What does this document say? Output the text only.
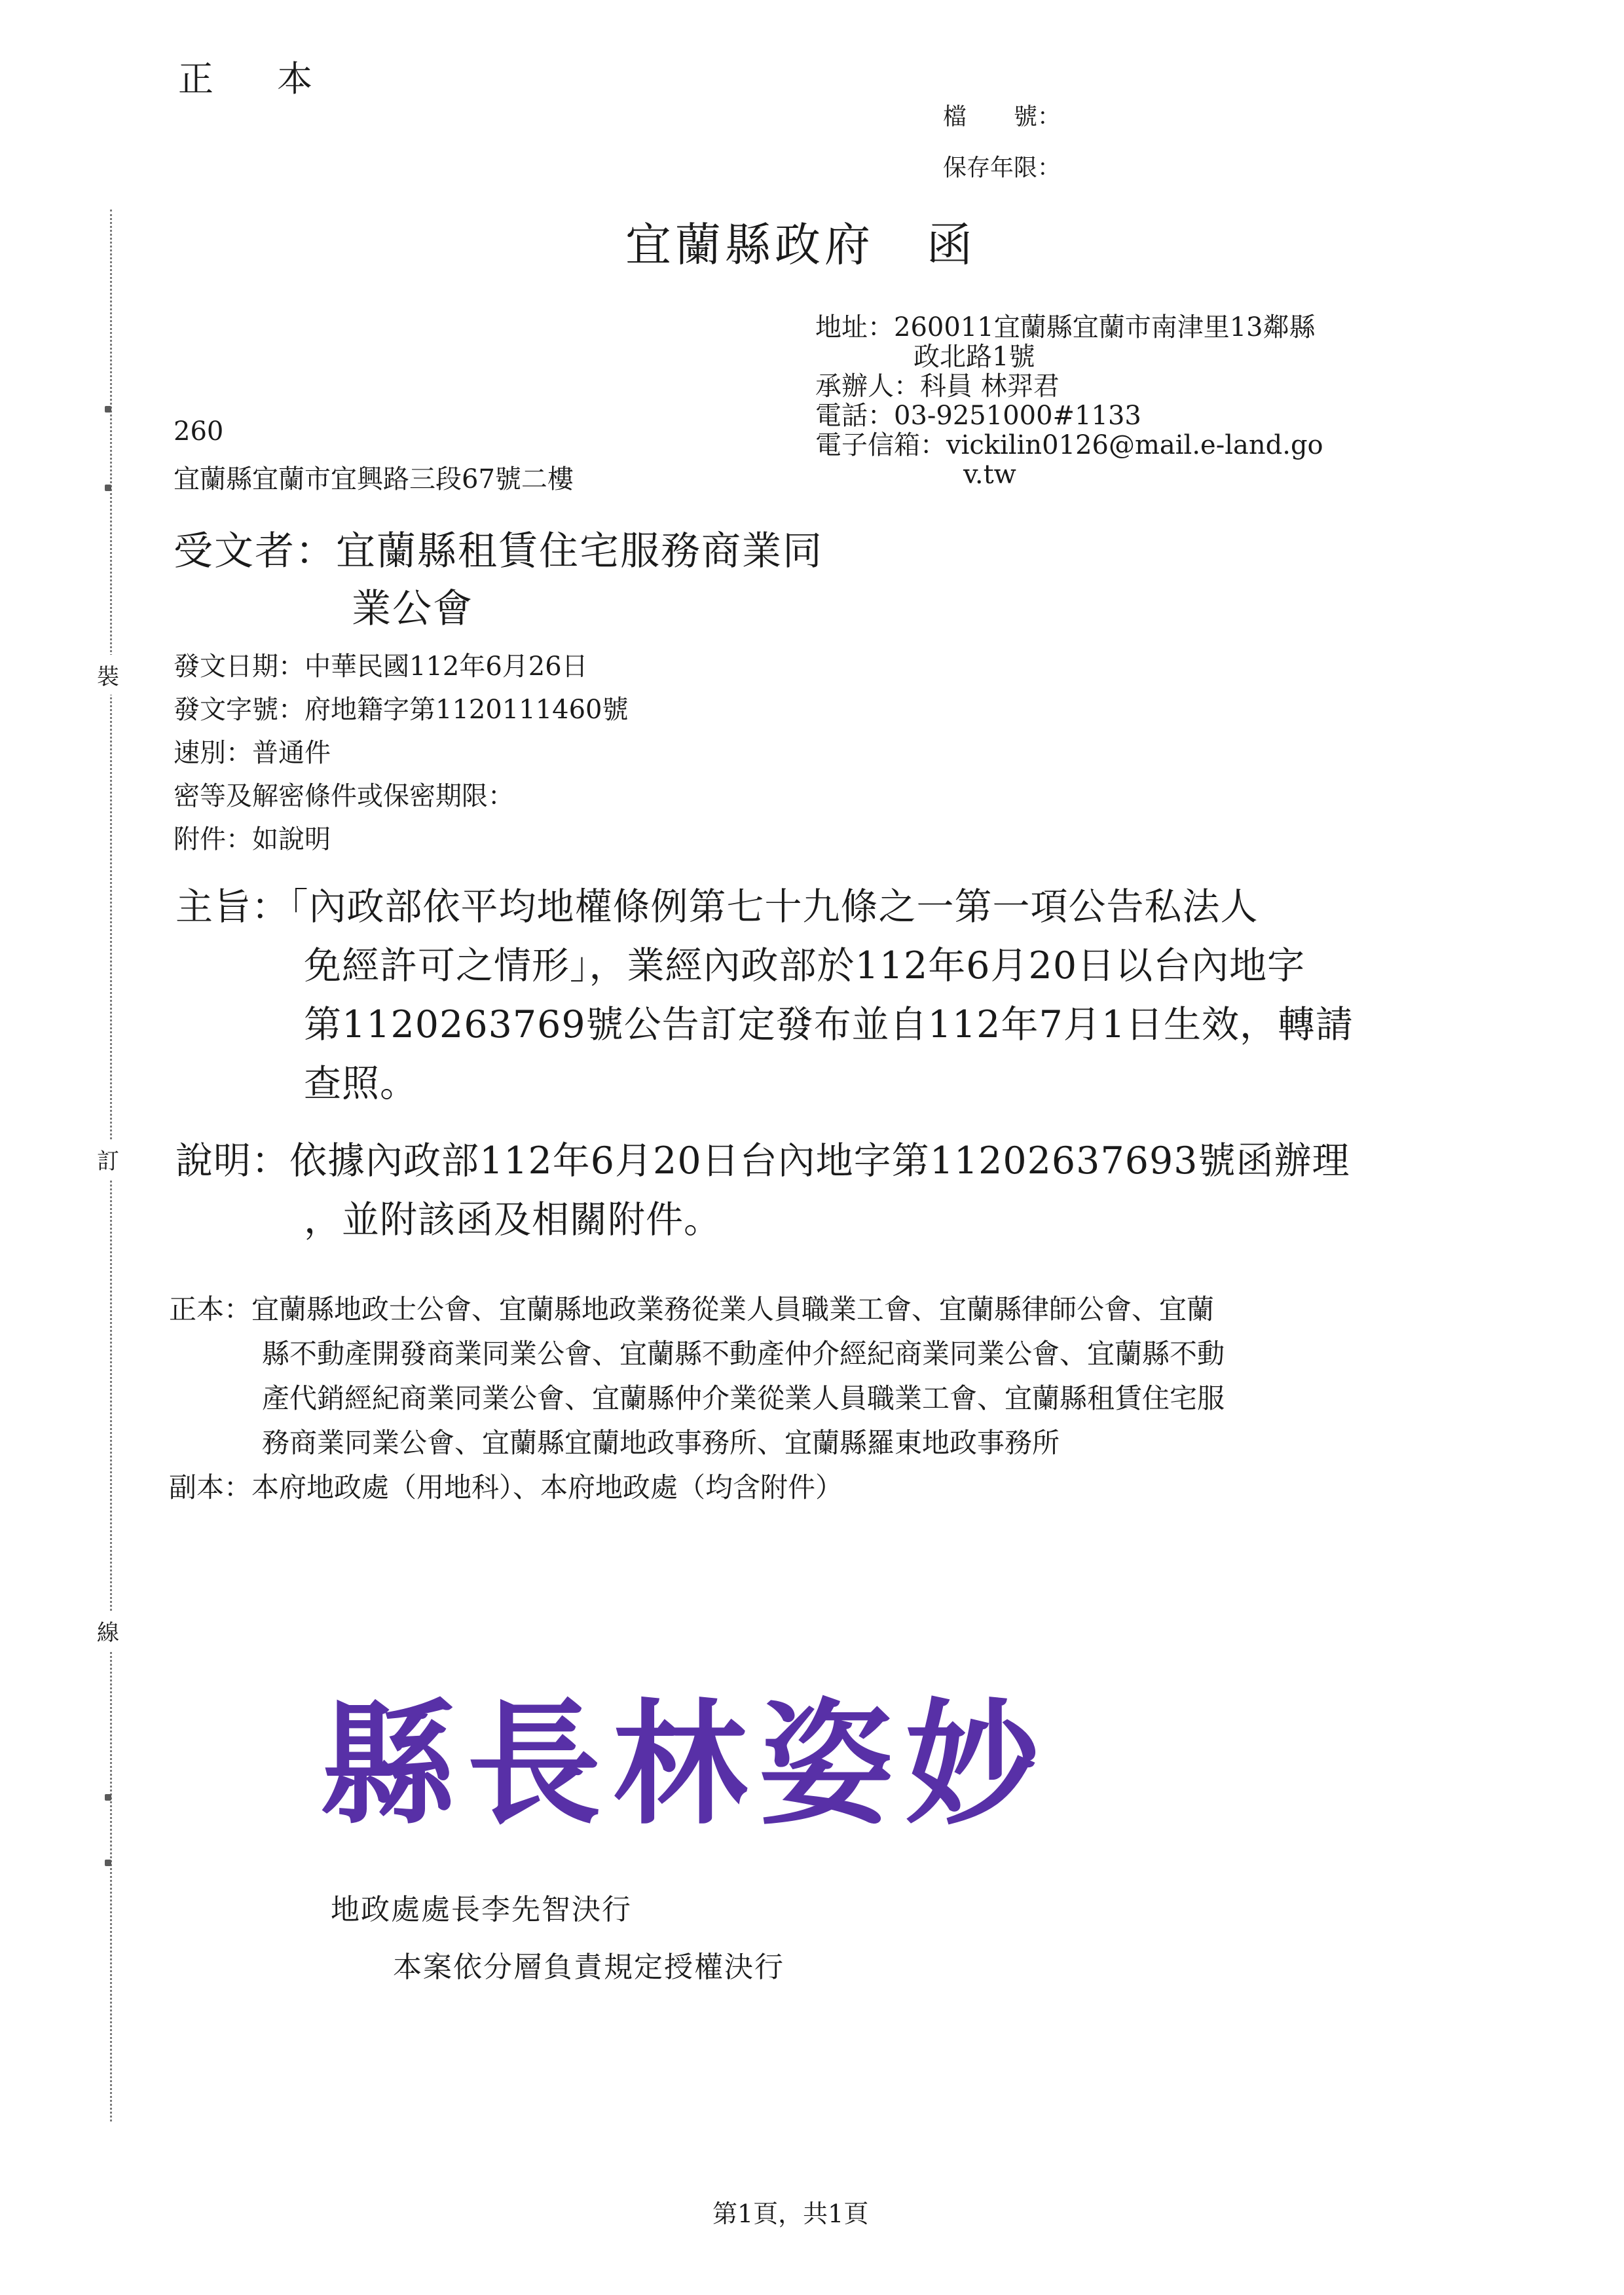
裝
訂
線
正 本
檔　　號：
保存年限：
宜蘭縣政府 函
地址：260011宜蘭縣宜蘭市南津里13鄰縣
政北路1號
承辦人：科員 林羿君
電話：03-9251000#1133
電子信箱：vickilin0126@mail.e-land.go
v.tw
260
宜蘭縣宜蘭市宜興路三段67號二樓
受文者：宜蘭縣租賃住宅服務商業同
業公會
發文日期：中華民國112年6月26日
發文字號：府地籍字第1120111460號
速別：普通件
密等及解密條件或保密期限：
附件：如說明
主旨：「內政部依平均地權條例第七十九條之一第一項公告私法人
免經許可之情形」，業經內政部於112年6月20日以台內地字
第1120263769號公告訂定發布並自112年7月1日生效，轉請
查照。
說明：依據內政部112年6月20日台內地字第11202637693號函辦理
，並附該函及相關附件。
正本：宜蘭縣地政士公會、宜蘭縣地政業務從業人員職業工會、宜蘭縣律師公會、宜蘭
縣不動產開發商業同業公會、宜蘭縣不動產仲介經紀商業同業公會、宜蘭縣不動
產代銷經紀商業同業公會、宜蘭縣仲介業從業人員職業工會、宜蘭縣租賃住宅服
務商業同業公會、宜蘭縣宜蘭地政事務所、宜蘭縣羅東地政事務所
副本：本府地政處（用地科）、本府地政處（均含附件）
縣長林姿妙
地政處處長李先智決行
本案依分層負責規定授權決行
第1頁，共1頁
